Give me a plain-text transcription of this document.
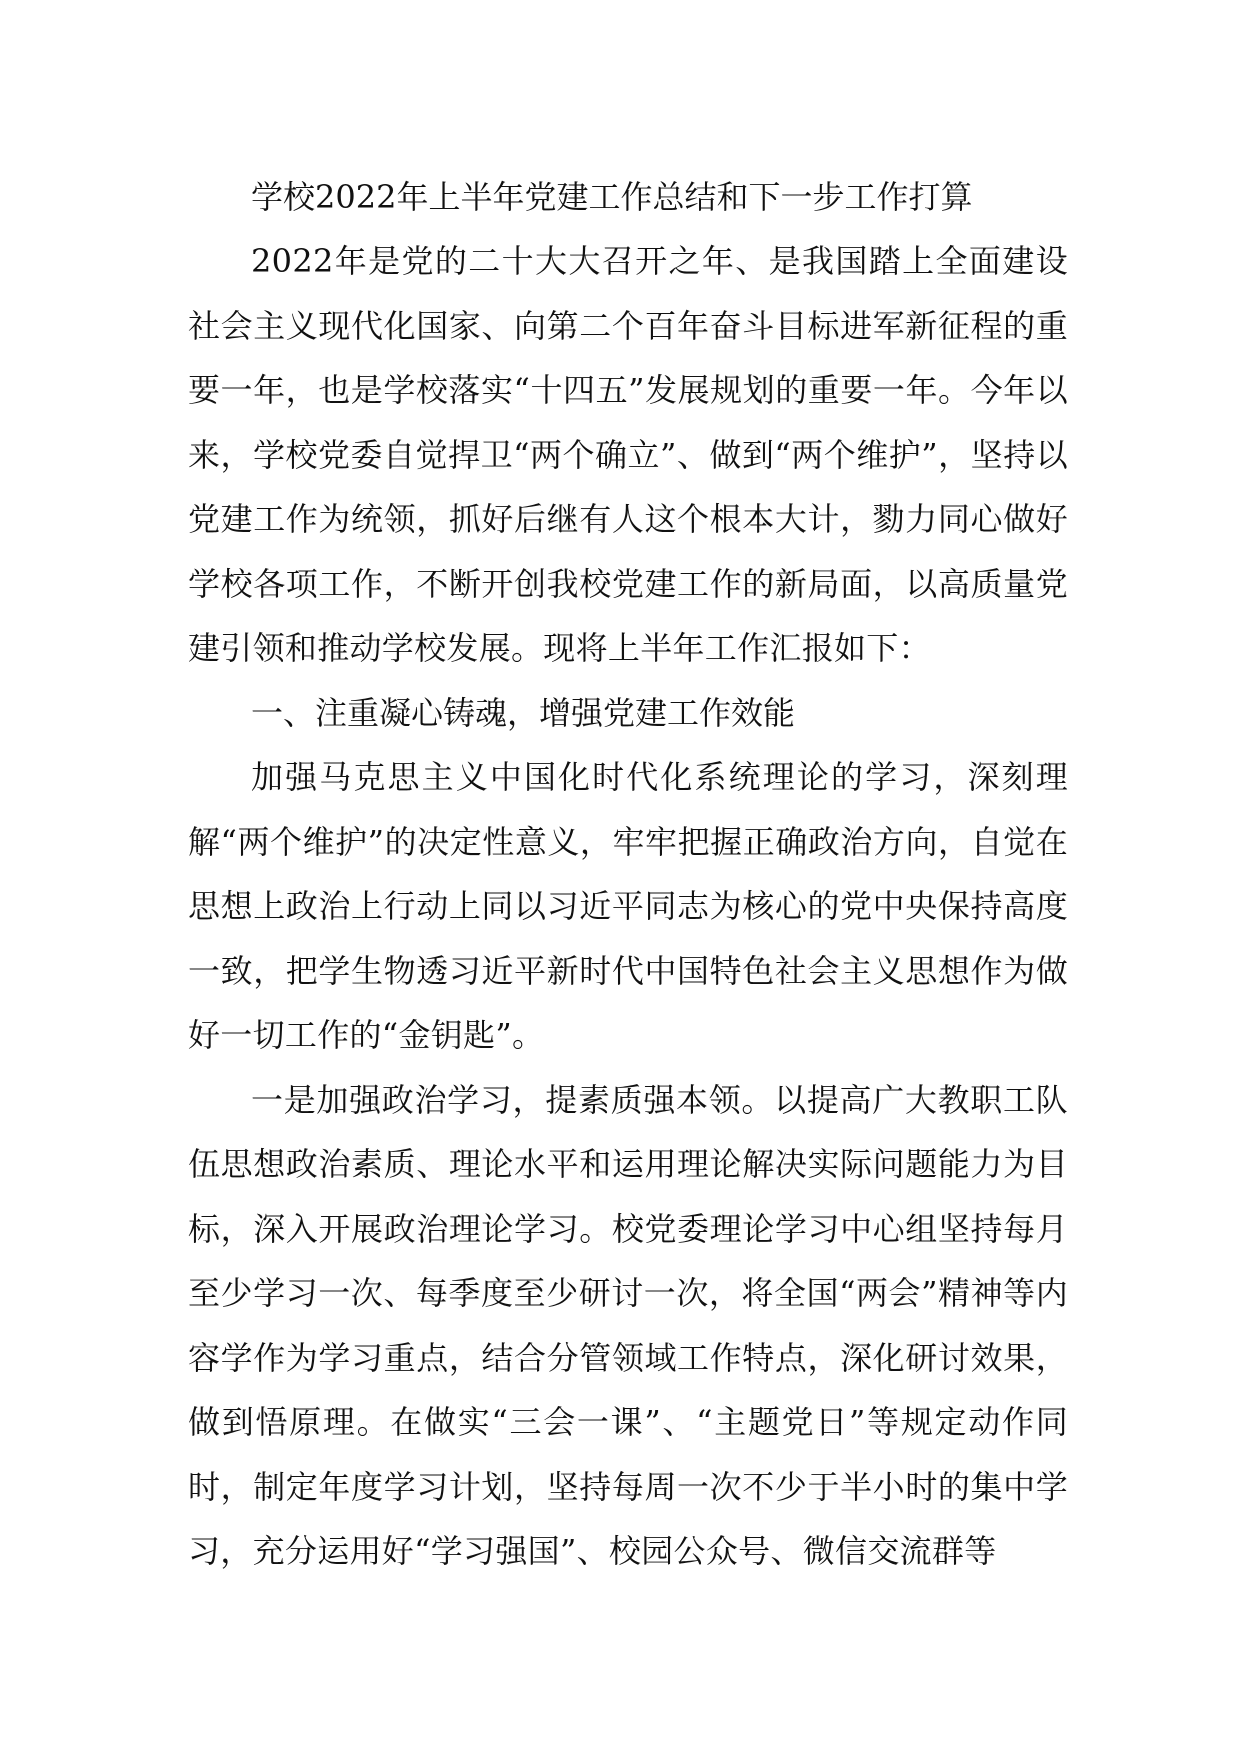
学校2022年上半年党建工作总结和下一步工作打算

2022年是党的二十大大召开之年、是我国踏上全面建设社会主义现代化国家、向第二个百年奋斗目标进军新征程的重要一年，也是学校落实“十四五”发展规划的重要一年。今年以来，学校党委自觉捍卫“两个确立”、做到“两个维护”，坚持以党建工作为统领，抓好后继有人这个根本大计，勠力同心做好学校各项工作，不断开创我校党建工作的新局面，以高质量党建引领和推动学校发展。现将上半年工作汇报如下：

一、注重凝心铸魂，增强党建工作效能

加强马克思主义中国化时代化系统理论的学习，深刻理解“两个维护”的决定性意义，牢牢把握正确政治方向，自觉在思想上政治上行动上同以习近平同志为核心的党中央保持高度一致，把学生物透习近平新时代中国特色社会主义思想作为做好一切工作的“金钥匙”。

一是加强政治学习，提素质强本领。以提高广大教职工队伍思想政治素质、理论水平和运用理论解决实际问题能力为目标，深入开展政治理论学习。校党委理论学习中心组坚持每月至少学习一次、每季度至少研讨一次，将全国“两会”精神等内容学作为学习重点，结合分管领域工作特点，深化研讨效果，做到悟原理。在做实“三会一课”、“主题党日”等规定动作同时，制定年度学习计划，坚持每周一次不少于半小时的集中学习，充分运用好“学习强国”、校园公众号、微信交流群等
